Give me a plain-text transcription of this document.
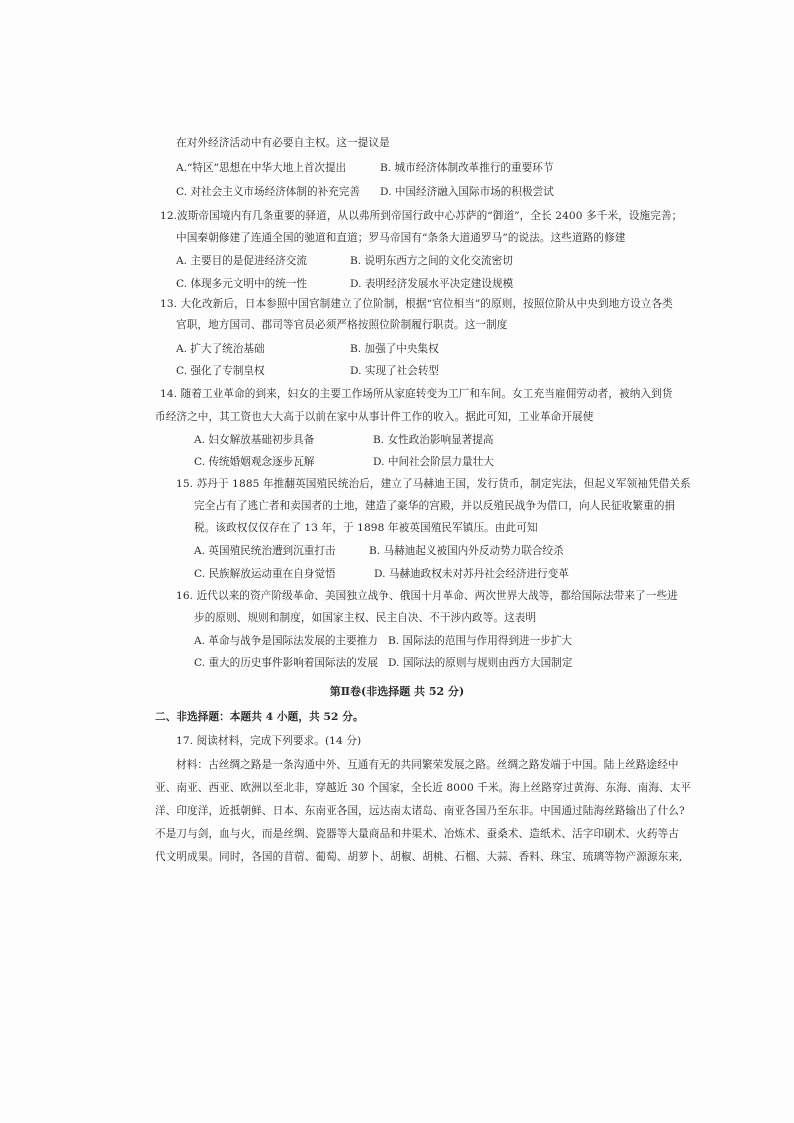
在对外经济活动中有必要自主权。这一提议是
A.“特区”思想在中华大地上首次提出	B. 城市经济体制改革推行的重要环节
C. 对社会主义市场经济体制的补充完善 D. 中国经济融入国际市场的积极尝试
12.波斯帝国境内有几条重要的驿道，从以弗所到帝国行政中心苏萨的“御道”，全长 2400 多千米，设施完善；
中国秦朝修建了连通全国的驰道和直道；罗马帝国有“条条大道通罗马”的说法。这些道路的修建
A. 主要目的是促进经济交流	B. 说明东西方之间的文化交流密切
C. 体现多元文明中的统一性	D. 表明经济发展水平决定建设规模
13. 大化改新后，日本参照中国官制建立了位阶制，根据“官位相当”的原则，按照位阶从中央到地方设立各类
官职，地方国司、郡司等官员必须严格按照位阶制履行职责。这一制度
A. 扩大了统治基础	B. 加强了中央集权
C. 强化了专制皇权	D. 实现了社会转型
14. 随着工业革命的到来，妇女的主要工作场所从家庭转变为工厂和车间。女工充当雇佣劳动者，被纳入到货
币经济之中，其工资也大大高于以前在家中从事计件工作的收入。据此可知，工业革命开展使
A. 妇女解放基础初步具备	B. 女性政治影响显著提高
C. 传统婚姻观念逐步瓦解	D. 中间社会阶层力量壮大
15. 苏丹于 1885 年推翻英国殖民统治后，建立了马赫迪王国，发行货币，制定宪法，但起义军领袖凭借关系
完全占有了逃亡者和卖国者的土地，建造了豪华的宫殿，并以反殖民战争为借口，向人民征收繁重的捐
税。该政权仅仅存在了 13 年，于 1898 年被英国殖民军镇压。由此可知
A. 英国殖民统治遭到沉重打击	B. 马赫迪起义被国内外反动势力联合绞杀
C. 民族解放运动重在自身觉悟	D. 马赫迪政权未对苏丹社会经济进行变革
16. 近代以来的资产阶级革命、美国独立战争、俄国十月革命、两次世界大战等，都给国际法带来了一些进
步的原则、规则和制度，如国家主权、民主自决、不干涉内政等。这表明
A. 革命与战争是国际法发展的主要推力 B. 国际法的范围与作用得到进一步扩大
C. 重大的历史事件影响着国际法的发展 D. 国际法的原则与规则由西方大国制定
第Ⅱ卷(非选择题 共 52 分)
二、非选择题：本题共 4 小题，共 52 分。
17. 阅读材料，完成下列要求。(14 分)
材料：古丝绸之路是一条沟通中外、互通有无的共同繁荣发展之路。丝绸之路发端于中国。陆上丝路途经中
亚、南亚、西亚、欧洲以至北非，穿越近 30 个国家，全长近 8000 千米。海上丝路穿过黄海、东海、南海、太平
洋、印度洋，近抵朝鲜、日本、东南亚各国，远达南太诸岛、南亚各国乃至东非。中国通过陆海丝路输出了什么?
不是刀与剑，血与火，而是丝绸、瓷器等大量商品和井渠术、冶炼术、蚕桑术、造纸术、活字印刷术、火药等古
代文明成果。同时，各国的苜蓿、葡萄、胡萝卜、胡椒、胡桃、石榴、大蒜、香料、珠宝、琉璃等物产源源东来,
